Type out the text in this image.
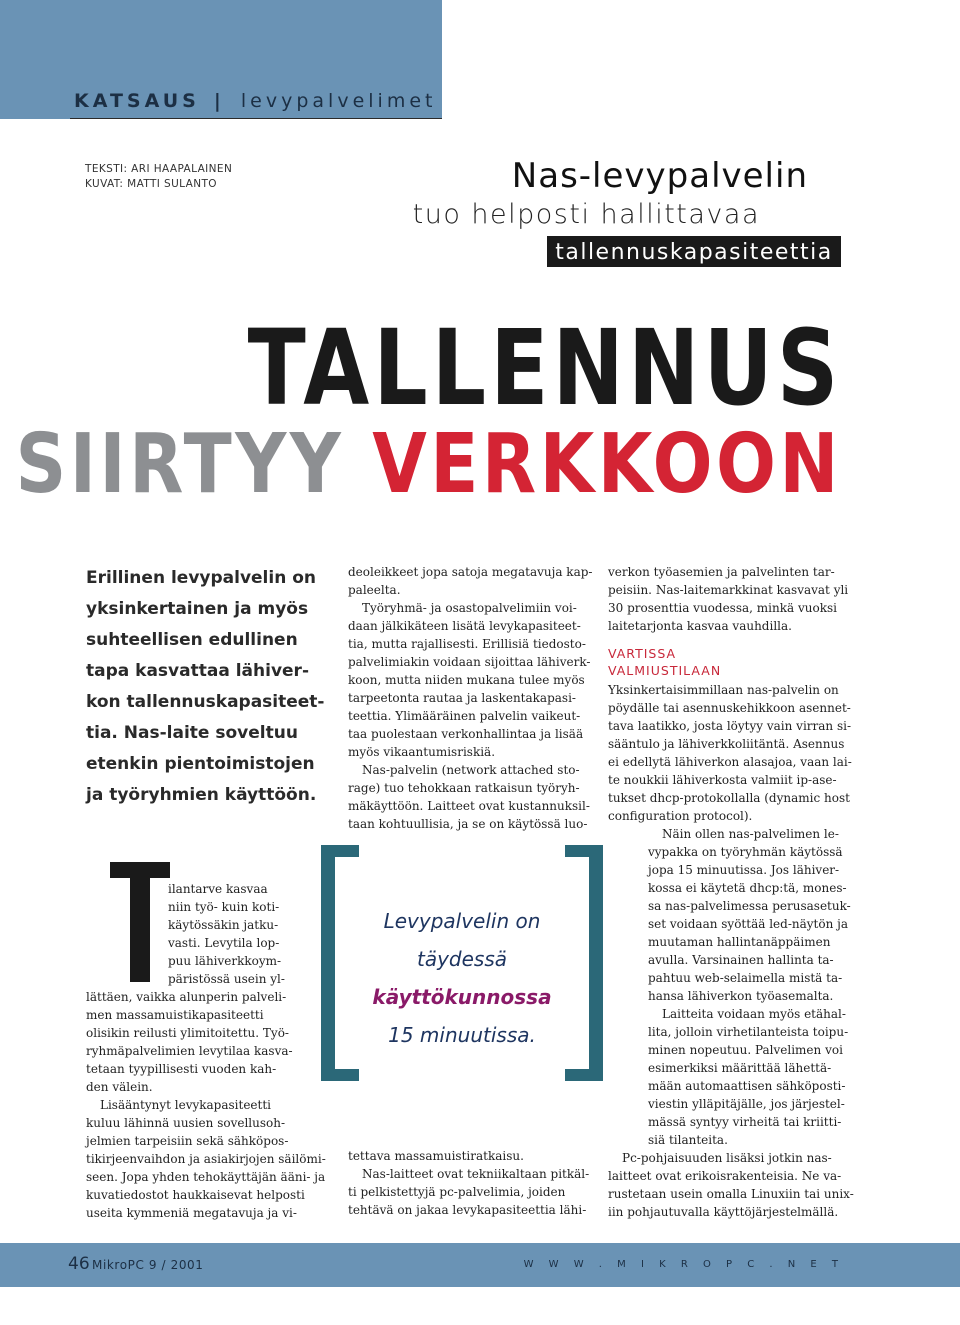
KATSAUS | levypalvelimet
TEKSTI: ARI HAAPALAINEN
KUVAT: MATTI SULANTO	Nas-levypalvelin
tuo helposti hallittavaa
tallennuskapasiteettia
TALLENNUS
SIIRTYY VERKKOON
Erillinen levypalvelin on
yksinkertainen ja myös
suhteellisen edullinen
tapa kasvattaa lähiver-
kon tallennuskapasiteet-
tia. Nas-laite soveltuu
etenkin pientoimistojen
ja työryhmien käyttöön.
ilantarve kasvaa
niin työ- kuin koti-
käytössäkin jatku-
vasti. Levytila lop-
puu lähiverkkoym-
päristössä usein yl-
lättäen, vaikka alunperin palveli-
men massamuistikapasiteetti
olisikin reilusti ylimitoitettu. Työ-
ryhmäpalvelimien levytilaa kasva-
tetaan tyypillisesti vuoden kah-
den välein.
Lisääntynyt levykapasiteetti
kuluu lähinnä uusien sovellusoh-
jelmien tarpeisiin sekä sähköpos-
tikirjeenvaihdon ja asiakirjojen säilömi-
seen. Jopa yhden tehokäyttäjän ääni- ja
kuvatiedostot haukkaisevat helposti
useita kymmeniä megatavuja ja vi-
deoleikkeet jopa satoja megatavuja kap-
paleelta.
Työryhmä- ja osastopalvelimiin voi-
daan jälkikäteen lisätä levykapasiteet-
tia, mutta rajallisesti. Erillisiä tiedosto-
palvelimiakin voidaan sijoittaa lähiverk-
koon, mutta niiden mukana tulee myös
tarpeetonta rautaa ja laskentakapasi-
teettia. Ylimääräinen palvelin vaikeut-
taa puolestaan verkonhallintaa ja lisää
myös vikaantumisriskiä.
Nas-palvelin (network attached sto-
rage) tuo tehokkaan ratkaisun työryh-
mäkäyttöön. Laitteet ovat kustannuksil-
taan kohtuullisia, ja se on käytössä luo-
Levypalvelin on
täydessä
käyttökunnossa
15 minuutissa.
tettava massamuistiratkaisu.
Nas-laitteet ovat tekniikaltaan pitkäl-
ti pelkistettyjä pc-palvelimia, joiden
tehtävä on jakaa levykapasiteettia lähi-
verkon työasemien ja palvelinten tar-
peisiin. Nas-laitemarkkinat kasvavat yli
30 prosenttia vuodessa, minkä vuoksi
laitetarjonta kasvaa vauhdilla.
VARTISSA
VALMIUSTILAAN
Yksinkertaisimmillaan nas-palvelin on
pöydälle tai asennuskehikkoon asennet-
tava laatikko, josta löytyy vain virran si-
sääntulo ja lähiverkkoliitäntä. Asennus
ei edellytä lähiverkon alasajoa, vaan lai-
te noukkii lähiverkosta valmiit ip-ase-
tukset dhcp-protokollalla (dynamic host
configuration protocol).
Näin ollen nas-palvelimen le-
vypakka on työryhmän käytössä
jopa 15 minuutissa. Jos lähiver-
kossa ei käytetä dhcp:tä, mones-
sa nas-palvelimessa perusasetuk-
set voidaan syöttää led-näytön ja
muutaman hallintanäppäimen
avulla. Varsinainen hallinta ta-
pahtuu web-selaimella mistä ta-
hansa lähiverkon työasemalta.
Laitteita voidaan myös etähal-
lita, jolloin virhetilanteista toipu-
minen nopeutuu. Palvelimen voi
esimerkiksi määrittää lähettä-
mään automaattisen sähköposti-
viestin ylläpitäjälle, jos järjestel-
mässä syntyy virheitä tai kriitti-
siä tilanteita.
Pc-pohjaisuuden lisäksi jotkin nas-
laitteet ovat erikoisrakenteisia. Ne va-
rustetaan usein omalla Linuxiin tai unix-
iin pohjautuvalla käyttöjärjestelmällä.
46 MikroPC 9 / 2001	W W W . M I K R O P C . N E T
